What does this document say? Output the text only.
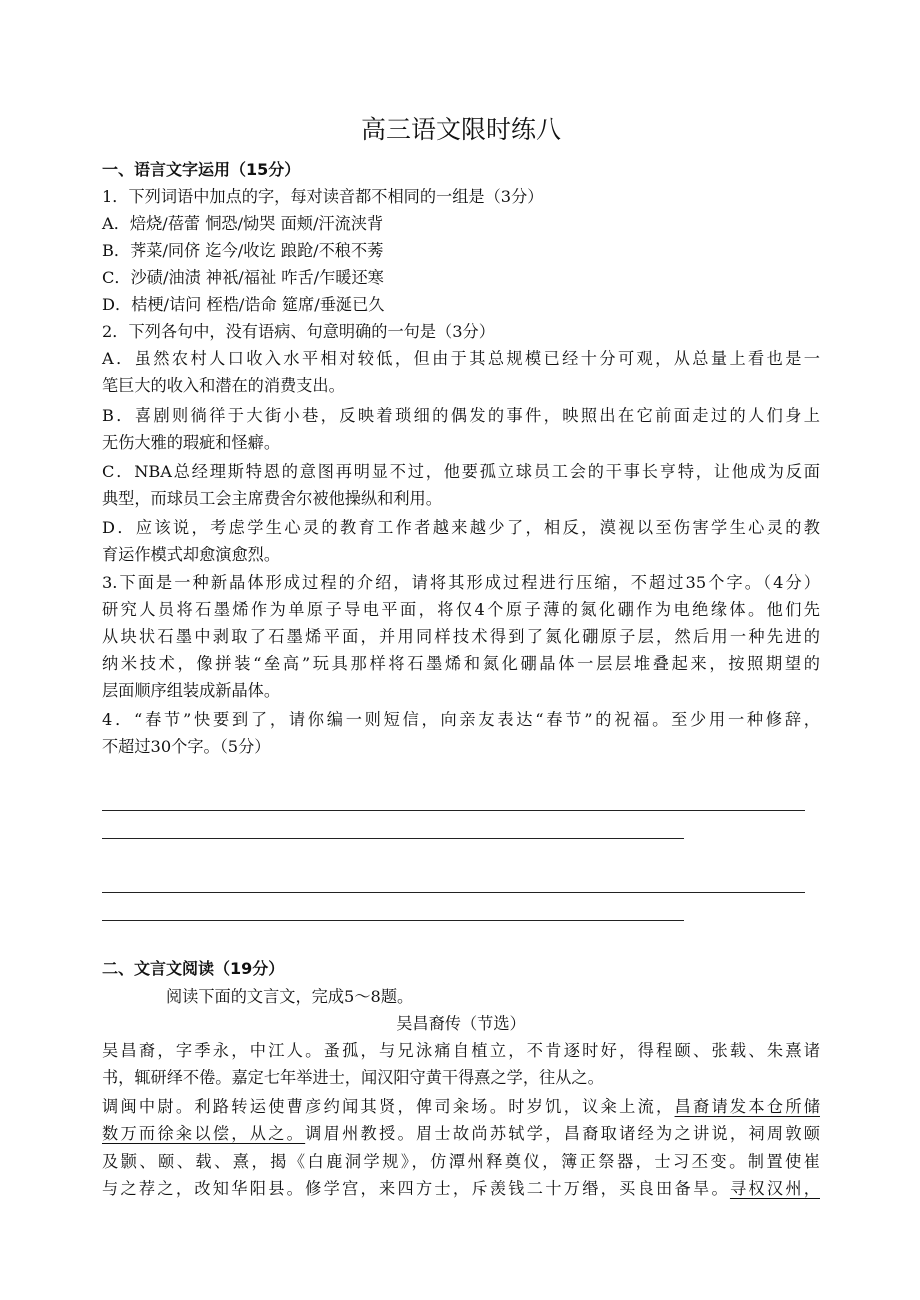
高三语文限时练八
一、语言文字运用（15分）
1．下列词语中加点的字，每对读音都不相同的一组是（3分）
A．焙烧/蓓蕾 恫恐/恸哭 面颊/汗流浃背
B．荠菜/同侪 迄今/收讫 踉跄/不稂不莠
C．沙碛/油渍 神祇/福祉 咋舌/乍暖还寒
D．桔梗/诘问 桎梏/诰命 筵席/垂涎已久
2．下列各句中，没有语病、句意明确的一句是（3分）
A．虽然农村人口收入水平相对较低，但由于其总规模已经十分可观，从总量上看也是一
笔巨大的收入和潜在的消费支出。
B．喜剧则徜徉于大街小巷，反映着琐细的偶发的事件，映照出在它前面走过的人们身上
无伤大雅的瑕疵和怪癖。
C．NBA总经理斯特恩的意图再明显不过，他要孤立球员工会的干事长亨特，让他成为反面
典型，而球员工会主席费舍尔被他操纵和利用。
D．应该说，考虑学生心灵的教育工作者越来越少了，相反，漠视以至伤害学生心灵的教
育运作模式却愈演愈烈。
3.下面是一种新晶体形成过程的介绍，请将其形成过程进行压缩，不超过35个字。（4分）
研究人员将石墨烯作为单原子导电平面，将仅4个原子薄的氮化硼作为电绝缘体。他们先
从块状石墨中剥取了石墨烯平面，并用同样技术得到了氮化硼原子层，然后用一种先进的
纳米技术，像拼装“垒高”玩具那样将石墨烯和氮化硼晶体一层层堆叠起来，按照期望的
层面顺序组装成新晶体。
4．“春节”快要到了，请你编一则短信，向亲友表达“春节”的祝福。至少用一种修辞，
不超过30个字。（5分）
二、文言文阅读（19分）
阅读下面的文言文，完成5～8题。
吴昌裔传（节选）
吴昌裔，字季永，中江人。蚤孤，与兄泳痛自植立，不肯逐时好，得程颐、张载、朱熹诸
书，辄研绎不倦。嘉定七年举进士，闻汉阳守黄干得熹之学，往从之。
调闽中尉。利路转运使曹彦约闻其贤，俾司籴场。时岁饥，议籴上流，昌裔请发本仓所储
数万而徐籴以偿，从之。调眉州教授。眉士故尚苏轼学，昌裔取诸经为之讲说，祠周敦颐
及颢、颐、载、熹，揭《白鹿洞学规》，仿潭州释奠仪，簿正祭器，士习丕变。制置使崔
与之荐之，改知华阳县。修学宫，来四方士，斥羡钱二十万缗，买良田备旱。寻权汉州，
